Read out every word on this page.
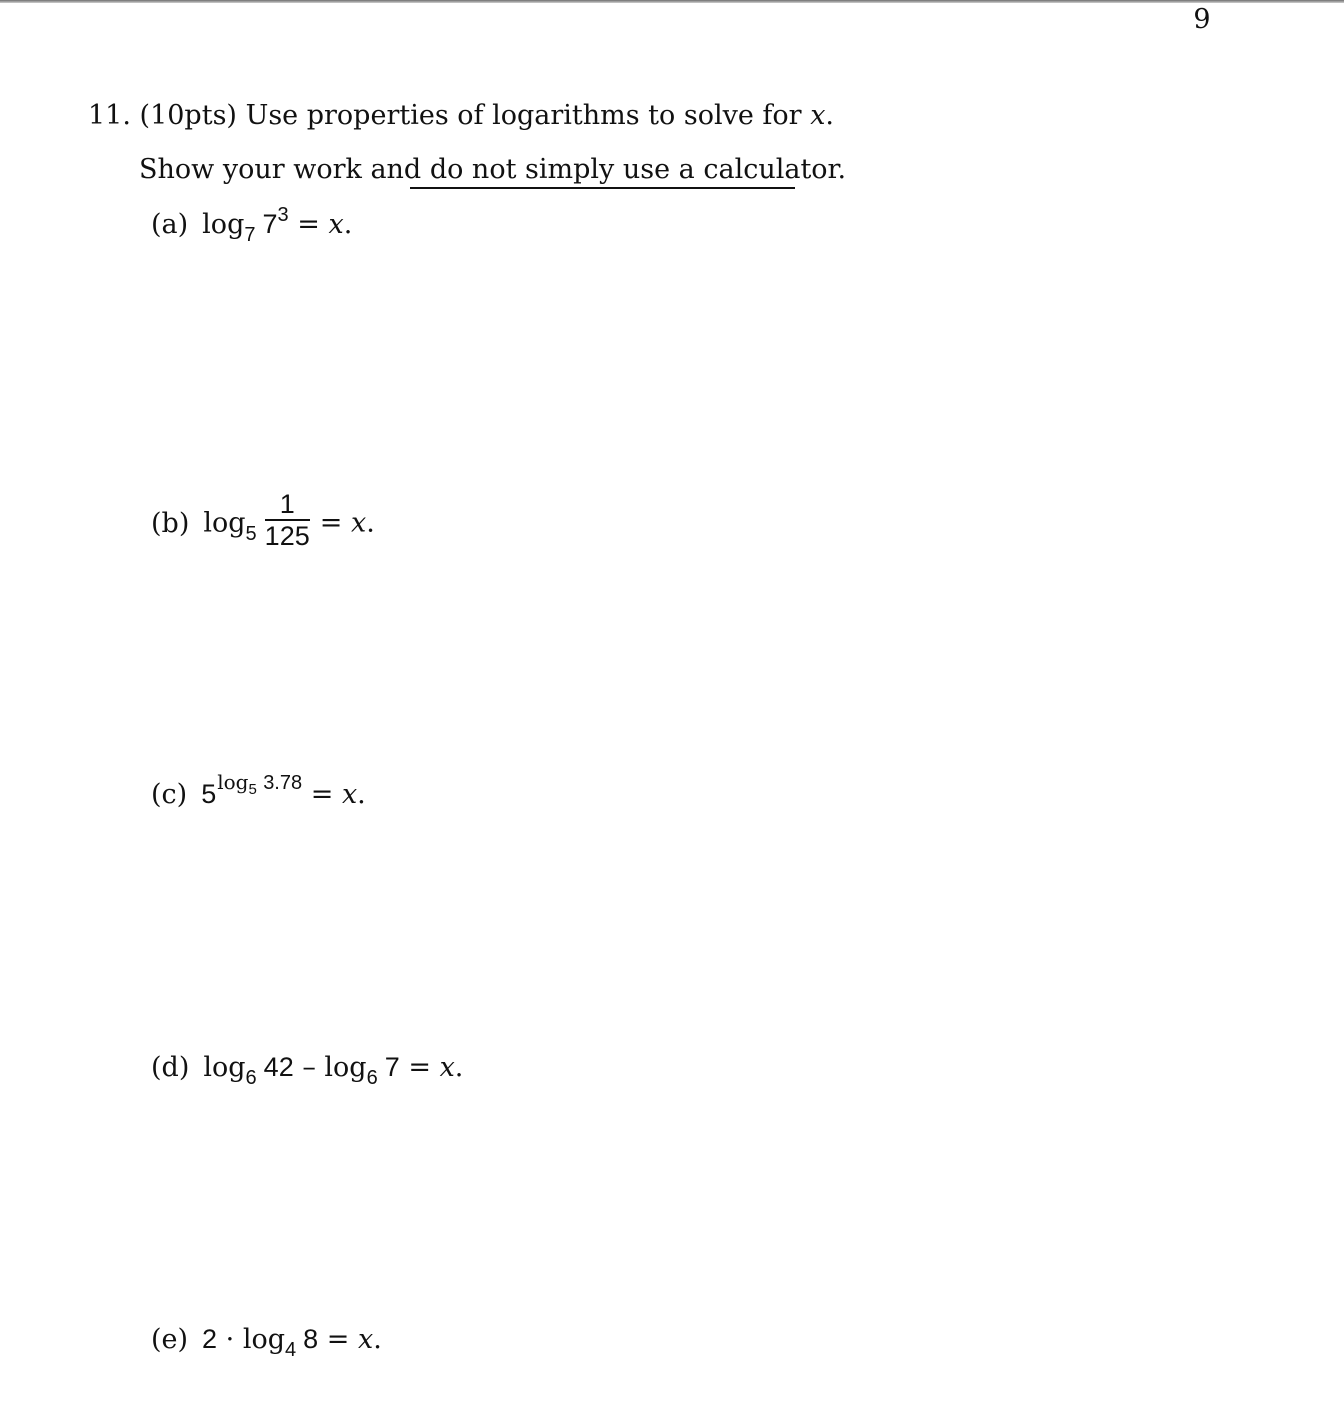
9
11. (10pts) Use properties of logarithms to solve for x.
Show your work and do not simply use a calculator.
(a) $\log_7 7^3 = x$.
(b) $\log_5 \frac{1}{125} = x$.
(c) $5^{log_5 3.78} = x$.
(d) $\log_6 42 - \log_6 7 = x$.
(e) $2 \cdot \log_4 8 = x$.
